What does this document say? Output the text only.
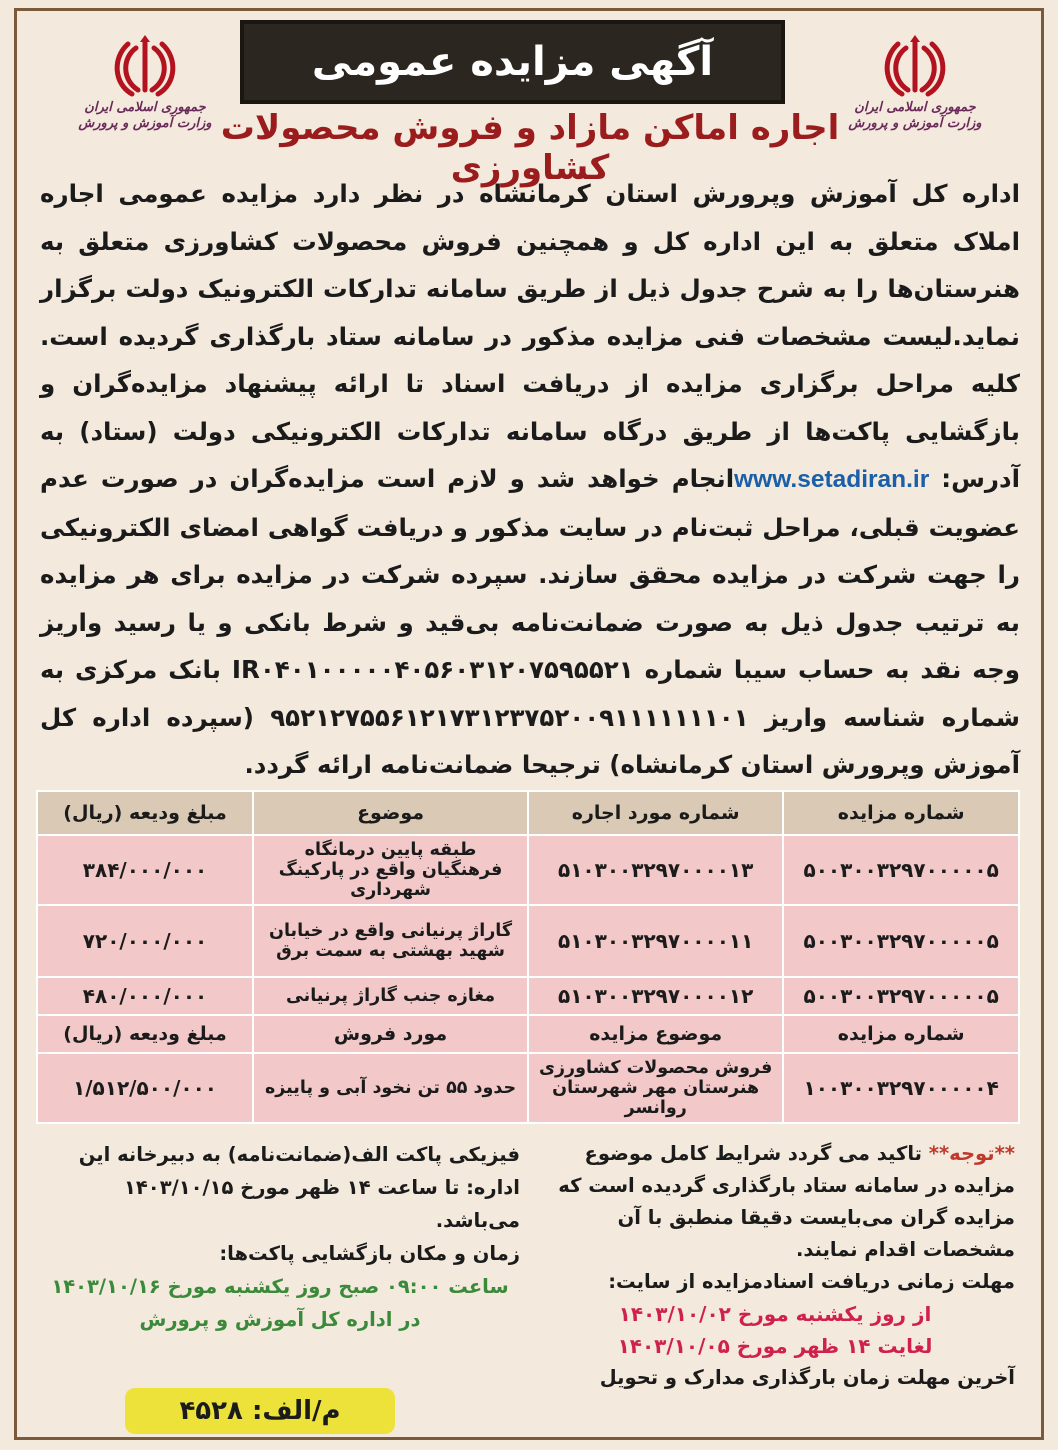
جمهوری اسلامی ایران
وزارت آموزش و پرورش
جمهوری اسلامی ایران
وزارت آموزش و پرورش
آگهی مزایده عمومی
اجاره اماکن مازاد و فروش محصولات کشاورزی
اداره کل آموزش وپرورش استان کرمانشاه در نظر دارد مزایده عمومی اجاره املاک متعلق به این اداره کل و همچنین فروش محصولات کشاورزی متعلق به هنرستان‌ها را به شرح جدول ذیل از طریق سامانه تدارکات الکترونیک دولت برگزار نماید.لیست مشخصات فنی مزایده مذکور در سامانه ستاد بارگذاری گردیده است. کلیه مراحل برگزاری مزایده از دریافت اسناد تا ارائه پیشنهاد مزایده‌گران و بازگشایی پاکت‌ها از طریق درگاه سامانه تدارکات الکترونیکی دولت (ستاد) به آدرس: www.setadiran.irانجام خواهد شد و لازم است مزایده‌گران در صورت عدم عضویت قبلی، مراحل ثبت‌نام در سایت مذکور و دریافت گواهی امضای الکترونیکی را جهت شرکت در مزایده محقق سازند. سپرده شرکت در مزایده برای هر مزایده به ترتیب جدول ذیل به صورت ضمانت‌نامه بی‌قید و شرط بانکی و یا رسید واریز وجه نقد به حساب سیبا شماره IR۰۴۰۱۰۰۰۰۰۴۰۵۶۰۳۱۲۰۷۵۹۵۵۲۱ بانک مرکزی به شماره شناسه واریز ۹۵۲۱۲۷۵۵۶۱۲۱۷۳۱۲۳۷۵۲۰۰۹۱۱۱۱۱۱۱۰۱ (سپرده اداره کل آموزش وپرورش استان کرمانشاه) ترجیحا ضمانت‌نامه ارائه گردد.
شماره مزایده	شماره مورد اجاره	موضوع	مبلغ ودیعه (ریال)
۵۰۰۳۰۰۳۲۹۷۰۰۰۰۰۵	۵۱۰۳۰۰۳۲۹۷۰۰۰۰۱۳	طبقه پایین درمانگاه فرهنگیان واقع در پارکینگ شهرداری	۳۸۴/۰۰۰/۰۰۰
۵۰۰۳۰۰۳۲۹۷۰۰۰۰۰۵	۵۱۰۳۰۰۳۲۹۷۰۰۰۰۱۱	گاراژ پرنیانی واقع در خیابان شهید بهشتی به سمت برق	۷۲۰/۰۰۰/۰۰۰
۵۰۰۳۰۰۳۲۹۷۰۰۰۰۰۵	۵۱۰۳۰۰۳۲۹۷۰۰۰۰۱۲	مغازه جنب گاراژ پرنیانی	۴۸۰/۰۰۰/۰۰۰
شماره مزایده	موضوع مزایده	مورد فروش	مبلغ ودیعه (ریال)
۱۰۰۳۰۰۳۲۹۷۰۰۰۰۰۴	فروش محصولات کشاورزی هنرستان مهر شهرستان روانسر	حدود ۵۵ تن نخود آبی و پاییزه	۱/۵۱۲/۵۰۰/۰۰۰
**توجه** تاکید می گردد شرایط کامل موضوع مزایده در سامانه ستاد بارگذاری گردیده است که مزایده گران می‌بایست دقیقا منطبق با آن مشخصات اقدام نمایند.
مهلت زمانی دریافت اسنادمزایده از سایت:
از روز یکشنبه مورخ ۱۴۰۳/۱۰/۰۲
لغایت ۱۴ ظهر مورخ ۱۴۰۳/۱۰/۰۵
آخرین مهلت زمان بارگذاری مدارک و تحویل
فیزیکی پاکت الف(ضمانت‌نامه) به دبیرخانه این اداره: تا ساعت ۱۴ ظهر مورخ ۱۴۰۳/۱۰/۱۵ می‌باشد.
زمان و مکان بازگشایی پاکت‌ها:
ساعت ۰۹:۰۰ صبح روز یکشنبه مورخ ۱۴۰۳/۱۰/۱۶
در اداره کل آموزش و پرورش
م/الف: ۴۵۲۸
